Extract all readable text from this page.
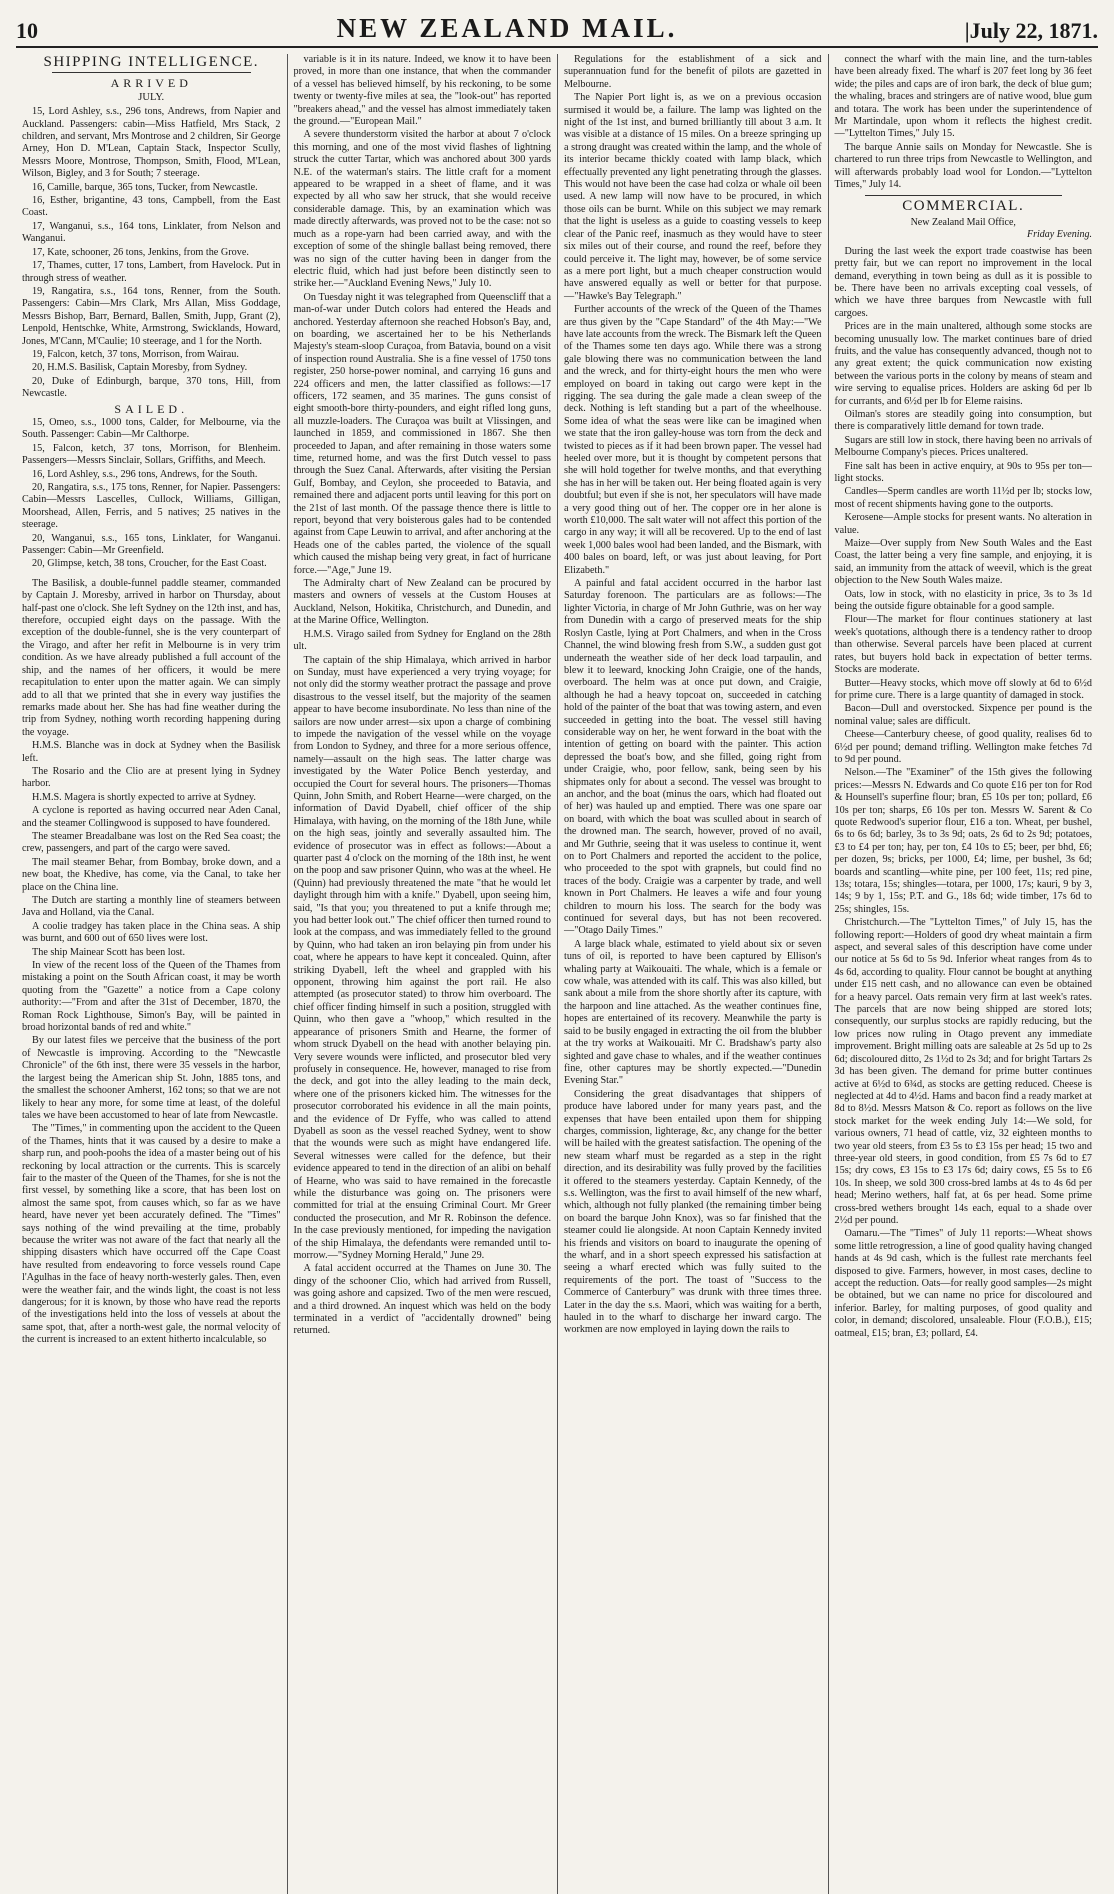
10	NEW ZEALAND MAIL.	|July 22, 1871.
SHIPPING INTELLIGENCE.
ARRIVED
JULY.

15, Lord Ashley, s.s., 296 tons, Andrews, from Napier and Auckland. Passengers: cabin—Miss Hatfield, Mrs Stack, 2 children, and servant, Mrs Montrose and 2 children, Sir George Arney, Hon D. M'Lean, Captain Stack, Inspector Scully, Messrs Moore, Montrose, Thompson, Smith, Flood, M'Lean, Wilson, Bigley, and 3 for South; 7 steerage.

16, Camille, barque, 365 tons, Tucker, from Newcastle.

16, Esther, brigantine, 43 tons, Campbell, from the East Coast.

17, Wanganui, s.s., 164 tons, Linklater, from Nelson and Wanganui.

17, Kate, schooner, 26 tons, Jenkins, from the Grove.

17, Thames, cutter, 17 tons, Lambert, from Havelock. Put in through stress of weather.

19, Rangatira, s.s., 164 tons, Renner, from the South. Passengers: Cabin—Mrs Clark, Mrs Allan, Miss Goddage, Messrs Bishop, Barr, Bernard, Ballen, Smith, Jupp, Grant (2), Lenpold, Hentschke, White, Armstrong, Swicklands, Howard, Jones, M'Cann, M'Caulie; 10 steerage, and 1 for the North.

19, Falcon, ketch, 37 tons, Morrison, from Wairau.

20, H.M.S. Basilisk, Captain Moresby, from Sydney.

20, Duke of Edinburgh, barque, 370 tons, Hill, from Newcastle.

SAILED.

15, Omeo, s.s., 1000 tons, Calder, for Melbourne, via the South. Passenger: Cabin—Mr Calthorpe.

15, Falcon, ketch, 37 tons, Morrison, for Blenheim. Passengers—Messrs Sinclair, Sollars, Griffiths, and Meech.

16, Lord Ashley, s.s., 296 tons, Andrews, for the South.

20, Rangatira, s.s., 175 tons, Renner, for Napier. Passengers: Cabin—Messrs Lascelles, Cullock, Williams, Gilligan, Moorshead, Allen, Ferris, and 5 natives; 25 natives in the steerage.

20, Wanganui, s.s., 165 tons, Linklater, for Wanganui. Passenger: Cabin—Mr Greenfield.

20, Glimpse, ketch, 38 tons, Croucher, for the East Coast.

The Basilisk, a double-funnel paddle steamer, commanded by Captain J. Moresby, arrived in harbor on Thursday, about half-past one o'clock. She left Sydney on the 12th inst, and has, therefore, occupied eight days on the passage. With the exception of the double-funnel, she is the very counterpart of the Virago, and after her refit in Melbourne is in very trim condition. As we have already published a full account of the ship, and the names of her officers, it would be mere recapitulation to enter upon the matter again. We can simply add to all that we printed that she in every way justifies the remarks made about her. She has had fine weather during the trip from Sydney, nothing worth recording happening during the voyage.

H.M.S. Blanche was in dock at Sydney when the Basilisk left.

The Rosario and the Clio are at present lying in Sydney harbor.

H.M.S. Magera is shortly expected to arrive at Sydney.

A cyclone is reported as having occurred near Aden Canal, and the steamer Collingwood is supposed to have foundered.

The steamer Breadalbane was lost on the Red Sea coast; the crew, passengers, and part of the cargo were saved.

The mail steamer Behar, from Bombay, broke down, and a new boat, the Khedive, has come, via the Canal, to take her place on the China line.

The Dutch are starting a monthly line of steamers between Java and Holland, via the Canal.

A coolie tradgey has taken place in the China seas. A ship was burnt, and 600 out of 650 lives were lost.

The ship Mainear Scott has been lost.

In view of the recent loss of the Queen of the Thames from mistaking a point on the South African coast, it may be worth quoting from the "Gazette" a notice from a Cape colony authority:—"From and after the 31st of December, 1870, the Roman Rock Lighthouse, Simon's Bay, will be painted in broad horizontal bands of red and white."

By our latest files we perceive that the business of the port of Newcastle is improving. According to the "Newcastle Chronicle" of the 6th inst, there were 35 vessels in the harbor, the largest being the American ship St. John, 1885 tons, and the smallest the schooner Amherst, 162 tons; so that we are not likely to hear any more, for some time at least, of the doleful tales we have been accustomed to hear of late from Newcastle.

The "Times," in commenting upon the accident to the Queen of the Thames, hints that it was caused by a desire to make a sharp run, and pooh-poohs the idea of a master being out of his reckoning by local attraction or the currents. This is scarcely fair to the master of the Queen of the Thames, for she is not the first vessel, by something like a score, that has been lost on almost the same spot, from causes which, so far as we have heard, have never yet been accurately defined. The "Times" says nothing of the wind prevailing at the time, probably because the writer was not aware of the fact that nearly all the shipping disasters which have occurred off the Cape Coast have resulted from endeavoring to force vessels round Cape l'Agulhas in the face of heavy north-westerly gales. Then, even were the weather fair, and the winds light, the coast is not less dangerous; for it is known, by those who have read the reports of the investigations held into the loss of vessels at about the same spot, that, after a north-west gale, the normal velocity of the current is increased to an extent hitherto incalculable, so

variable is it in its nature. Indeed, we know it to have been proved, in more than one instance, that when the commander of a vessel has believed himself, by his reckoning, to be some twenty or twenty-five miles at sea, the "look-out" has reported "breakers ahead," and the vessel has almost immediately taken the ground.—"European Mail."

A severe thunderstorm visited the harbor at about 7 o'clock this morning, and one of the most vivid flashes of lightning struck the cutter Tartar, which was anchored about 300 yards N.E. of the waterman's stairs. The little craft for a moment appeared to be wrapped in a sheet of flame, and it was expected by all who saw her struck, that she would receive considerable damage. This, by an examination which was made directly afterwards, was proved not to be the case: not so much as a rope-yarn had been carried away, and with the exception of some of the shingle ballast being removed, there was no sign of the cutter having been in danger from the electric fluid, which had just before been distinctly seen to strike her.—"Auckland Evening News," July 10.

On Tuesday night it was telegraphed from Queenscliff that a man-of-war under Dutch colors had entered the Heads and anchored. Yesterday afternoon she reached Hobson's Bay, and, on boarding, we ascertained her to be his Netherlands Majesty's steam-sloop Curaçoa, from Batavia, bound on a visit of inspection round Australia. She is a fine vessel of 1750 tons register, 250 horse-power nominal, and carrying 16 guns and 224 officers and men, the latter classified as follows:—17 officers, 172 seamen, and 35 marines. The guns consist of eight smooth-bore thirty-pounders, and eight rifled long guns, all muzzle-loaders. The Curaçoa was built at Vlissingen, and launched in 1859, and commissioned in 1867. She then proceeded to Japan, and after remaining in those waters some time, returned home, and was the first Dutch vessel to pass through the Suez Canal. Afterwards, after visiting the Persian Gulf, Bombay, and Ceylon, she proceeded to Batavia, and remained there and adjacent ports until leaving for this port on the 21st of last month. Of the passage thence there is little to report, beyond that very boisterous gales had to be contended against from Cape Leuwin to arrival, and after anchoring at the Heads one of the cables parted, the violence of the squall which caused the mishap being very great, in fact of hurricane force.—"Age," June 19.

The Admiralty chart of New Zealand can be procured by masters and owners of vessels at the Custom Houses at Auckland, Nelson, Hokitika, Christchurch, and Dunedin, and at the Marine Office, Wellington.

H.M.S. Virago sailed from Sydney for England on the 28th ult.

The captain of the ship Himalaya, which arrived in harbor on Sunday, must have experienced a very trying voyage; for not only did the stormy weather protract the passage and prove disastrous to the vessel itself, but the majority of the seamen appear to have become insubordinate. No less than nine of the sailors are now under arrest—six upon a charge of combining to impede the navigation of the vessel while on the voyage from London to Sydney, and three for a more serious offence, namely—assault on the high seas. The latter charge was investigated by the Water Police Bench yesterday, and occupied the Court for several hours. The prisoners—Thomas Quinn, John Smith, and Robert Hearne—were charged, on the information of David Dyabell, chief officer of the ship Himalaya, with having, on the morning of the 18th June, while on the high seas, jointly and severally assaulted him. The evidence of prosecutor was in effect as follows:—About a quarter past 4 o'clock on the morning of the 18th inst, he went on the poop and saw prisoner Quinn, who was at the wheel. He (Quinn) had previously threatened the mate "that he would let daylight through him with a knife." Dyabell, upon seeing him, said, "Is that you; you threatened to put a knife through me; you had better look out." The chief officer then turned round to look at the compass, and was immediately felled to the ground by Quinn, who had taken an iron belaying pin from under his coat, where he appears to have kept it concealed. Quinn, after striking Dyabell, left the wheel and grappled with his opponent, throwing him against the port rail. He also attempted (as prosecutor stated) to throw him overboard. The chief officer finding himself in such a position, struggled with Quinn, who then gave a "whoop," which resulted in the appearance of prisoners Smith and Hearne, the former of whom struck Dyabell on the head with another belaying pin. Very severe wounds were inflicted, and prosecutor bled very profusely in consequence. He, however, managed to rise from the deck, and got into the alley leading to the main deck, where one of the prisoners kicked him. The witnesses for the prosecutor corroborated his evidence in all the main points, and the evidence of Dr Fyffe, who was called to attend Dyabell as soon as the vessel reached Sydney, went to show that the wounds were such as might have endangered life. Several witnesses were called for the defence, but their evidence appeared to tend in the direction of an alibi on behalf of Hearne, who was said to have remained in the forecastle while the disturbance was going on. The prisoners were committed for trial at the ensuing Criminal Court. Mr Greer conducted the prosecution, and Mr R. Robinson the defence. In the case previously mentioned, for impeding the navigation of the ship Himalaya, the defendants were remanded until to-morrow.—"Sydney Morning Herald," June 29.

A fatal accident occurred at the Thames on June 30. The dingy of the schooner Clio, which had arrived from Russell, was going ashore and capsized. Two of the men were rescued, and a third drowned. An inquest which was held on the body terminated in a verdict of "accidentally drowned" being returned.

Regulations for the establishment of a sick and superannuation fund for the benefit of pilots are gazetted in Melbourne.

The Napier Port light is, as we on a previous occasion surmised it would be, a failure. The lamp was lighted on the night of the 1st inst, and burned brilliantly till about 3 a.m. It was visible at a distance of 15 miles. On a breeze springing up a strong draught was created within the lamp, and the whole of its interior became thickly coated with lamp black, which effectually prevented any light penetrating through the glasses. This would not have been the case had colza or whale oil been used. A new lamp will now have to be procured, in which those oils can be burnt. While on this subject we may remark that the light is useless as a guide to coasting vessels to keep clear of the Panic reef, inasmuch as they would have to steer six miles out of their course, and round the reef, before they could perceive it. The light may, however, be of some service as a mere port light, but a much cheaper construction would have answered equally as well or better for that purpose.—"Hawke's Bay Telegraph."

Further accounts of the wreck of the Queen of the Thames are thus given by the "Cape Standard" of the 4th May:—"We have late accounts from the wreck. The Bismark left the Queen of the Thames some ten days ago. While there was a strong gale blowing there was no communication between the land and the wreck, and for thirty-eight hours the men who were employed on board in taking out cargo were kept in the rigging. The sea during the gale made a clean sweep of the deck. Nothing is left standing but a part of the wheelhouse. Some idea of what the seas were like can be imagined when we state that the iron galley-house was torn from the deck and twisted to pieces as if it had been brown paper. The vessel had heeled over more, but it is thought by competent persons that she will hold together for twelve months, and that everything she has in her will be taken out. Her being floated again is very doubtful; but even if she is not, her speculators will have made a very good thing out of her. The copper ore in her alone is worth £10,000. The salt water will not affect this portion of the cargo in any way; it will all be recovered. Up to the end of last week 1,000 bales wool had been landed, and the Bismark, with 400 bales on board, left, or was just about leaving, for Port Elizabeth."

A painful and fatal accident occurred in the harbor last Saturday forenoon. The particulars are as follows:—The lighter Victoria, in charge of Mr John Guthrie, was on her way from Dunedin with a cargo of preserved meats for the ship Roslyn Castle, lying at Port Chalmers, and when in the Cross Channel, the wind blowing fresh from S.W., a sudden gust got underneath the weather side of her deck load tarpaulin, and blew it to leeward, knocking John Craigie, one of the hands, overboard. The helm was at once put down, and Craigie, although he had a heavy topcoat on, succeeded in catching hold of the painter of the boat that was towing astern, and even succeeded in getting into the boat. The vessel still having considerable way on her, he went forward in the boat with the intention of getting on board with the painter. This action depressed the boat's bow, and she filled, going right from under Craigie, who, poor fellow, sank, being seen by his shipmates only for about a second. The vessel was brought to an anchor, and the boat (minus the oars, which had floated out of her) was hauled up and emptied. There was one spare oar on board, with which the boat was sculled about in search of the drowned man. The search, however, proved of no avail, and Mr Guthrie, seeing that it was useless to continue it, went on to Port Chalmers and reported the accident to the police, who proceeded to the spot with grapnels, but could find no traces of the body. Craigie was a carpenter by trade, and well known in Port Chalmers. He leaves a wife and four young children to mourn his loss. The search for the body was continued for several days, but has not been recovered.—"Otago Daily Times."

A large black whale, estimated to yield about six or seven tuns of oil, is reported to have been captured by Ellison's whaling party at Waikouaiti. The whale, which is a female or cow whale, was attended with its calf. This was also killed, but sank about a mile from the shore shortly after its capture, with the harpoon and line attached. As the weather continues fine, hopes are entertained of its recovery. Meanwhile the party is said to be busily engaged in extracting the oil from the blubber at the try works at Waikouaiti. Mr C. Bradshaw's party also sighted and gave chase to whales, and if the weather continues fine, other captures may be shortly expected.—"Dunedin Evening Star."

Considering the great disadvantages that shippers of produce have labored under for many years past, and the expenses that have been entailed upon them for shipping charges, commission, lighterage, &c, any change for the better will be hailed with the greatest satisfaction. The opening of the new steam wharf must be regarded as a step in the right direction, and its desirability was fully proved by the facilities it offered to the steamers yesterday. Captain Kennedy, of the s.s. Wellington, was the first to avail himself of the new wharf, which, although not fully planked (the remaining timber being on board the barque John Knox), was so far finished that the steamer could lie alongside. At noon Captain Kennedy invited his friends and visitors on board to inaugurate the opening of the wharf, and in a short speech expressed his satisfaction at seeing a wharf erected which was fully suited to the requirements of the port. The toast of "Success to the Commerce of Canterbury" was drunk with three times three. Later in the day the s.s. Maori, which was waiting for a berth, hauled in to the wharf to discharge her inward cargo. The workmen are now employed in laying down the rails to

connect the wharf with the main line, and the turn-tables have been already fixed. The wharf is 207 feet long by 36 feet wide; the piles and caps are of iron bark, the deck of blue gum; the whaling, braces and stringers are of native wood, blue gum and totara. The work has been under the superintendence of Mr Martindale, upon whom it reflects the highest credit.—"Lyttelton Times," July 15.

The barque Annie sails on Monday for Newcastle. She is chartered to run three trips from Newcastle to Wellington, and will afterwards probably load wool for London.—"Lyttelton Times," July 14.

COMMERCIAL.
New Zealand Mail Office,
Friday Evening.

During the last week the export trade coastwise has been pretty fair, but we can report no improvement in the local demand, everything in town being as dull as it is possible to be. There have been no arrivals excepting coal vessels, of which we have three barques from Newcastle with full cargoes.

Prices are in the main unaltered, although some stocks are becoming unusually low. The market continues bare of dried fruits, and the value has consequently advanced, though not to any great extent; the quick communication now existing between the various ports in the colony by means of steam and wire serving to equalise prices. Holders are asking 6d per lb for currants, and 6½d per lb for Eleme raisins.

Oilman's stores are steadily going into consumption, but there is comparatively little demand for town trade.

Sugars are still low in stock, there having been no arrivals of Melbourne Company's pieces. Prices unaltered.

Fine salt has been in active enquiry, at 90s to 95s per ton—light stocks.

Candles—Sperm candles are worth 11½d per lb; stocks low, most of recent shipments having gone to the outports.

Kerosene—Ample stocks for present wants. No alteration in value.

Maize—Over supply from New South Wales and the East Coast, the latter being a very fine sample, and enjoying, it is said, an immunity from the attack of weevil, which is the great objection to the New South Wales maize.

Oats, low in stock, with no elasticity in price, 3s to 3s 1d being the outside figure obtainable for a good sample.

Flour—The market for flour continues stationery at last week's quotations, although there is a tendency rather to droop than otherwise. Several parcels have been placed at current rates, but buyers hold back in expectation of better terms. Stocks are moderate.

Butter—Heavy stocks, which move off slowly at 6d to 6½d for prime cure. There is a large quantity of damaged in stock.

Bacon—Dull and overstocked. Sixpence per pound is the nominal value; sales are difficult.

Cheese—Canterbury cheese, of good quality, realises 6d to 6½d per pound; demand trifling. Wellington make fetches 7d to 9d per pound.

Nelson.—The "Examiner" of the 15th gives the following prices:—Messrs N. Edwards and Co quote £16 per ton for Rod & Hounsell's superfine flour; bran, £5 10s per ton; pollard, £6 10s per ton; sharps, £6 10s per ton. Messrs W. Sarent & Co quote Redwood's superior flour, £16 a ton. Wheat, per bushel, 6s to 6s 6d; barley, 3s to 3s 9d; oats, 2s 6d to 2s 9d; potatoes, £3 to £4 per ton; hay, per ton, £4 10s to £5; beer, per bhd, £6; per dozen, 9s; bricks, per 1000, £4; lime, per bushel, 3s 6d; boards and scantling—white pine, per 100 feet, 11s; red pine, 13s; totara, 15s; shingles—totara, per 1000, 17s; kauri, 9 by 3, 14s; 9 by 1, 15s; P.T. and G., 18s 6d; wide timber, 17s 6d to 25s; shingles, 15s.

Christchurch.—The "Lyttelton Times," of July 15, has the following report:—Holders of good dry wheat maintain a firm aspect, and several sales of this description have come under our notice at 5s 6d to 5s 9d. Inferior wheat ranges from 4s to 4s 6d, according to quality. Flour cannot be bought at anything under £15 nett cash, and no allowance can even be obtained for a heavy parcel. Oats remain very firm at last week's rates. The parcels that are now being shipped are stored lots; consequently, our surplus stocks are rapidly reducing, but the low prices now ruling in Otago prevent any immediate improvement. Bright milling oats are saleable at 2s 5d up to 2s 6d; discoloured ditto, 2s 1½d to 2s 3d; and for bright Tartars 2s 3d has been given. The demand for prime butter continues active at 6½d to 6¾d, as stocks are getting reduced. Cheese is neglected at 4d to 4½d. Hams and bacon find a ready market at 8d to 8½d. Messrs Matson & Co. report as follows on the live stock market for the week ending July 14:—We sold, for various owners, 71 head of cattle, viz, 32 eighteen months to two year old steers, from £3 5s to £3 15s per head; 15 two and three-year old steers, in good condition, from £5 7s 6d to £7 15s; dry cows, £3 15s to £3 17s 6d; dairy cows, £5 5s to £6 10s. In sheep, we sold 300 cross-bred lambs at 4s to 4s 6d per head; Merino wethers, half fat, at 6s per head. Some prime cross-bred wethers brought 14s each, equal to a shade over 2½d per pound.

Oamaru.—The "Times" of July 11 reports:—Wheat shows some little retrogression, a line of good quality having changed hands at 4s 9d cash, which is the fullest rate merchants feel disposed to give. Farmers, however, in most cases, decline to accept the reduction. Oats—for really good samples—2s might be obtained, but we can name no price for discoloured and inferior. Barley, for malting purposes, of good quality and color, in demand; discolored, unsaleable. Flour (F.O.B.), £15; oatmeal, £15; bran, £3; pollard, £4.
